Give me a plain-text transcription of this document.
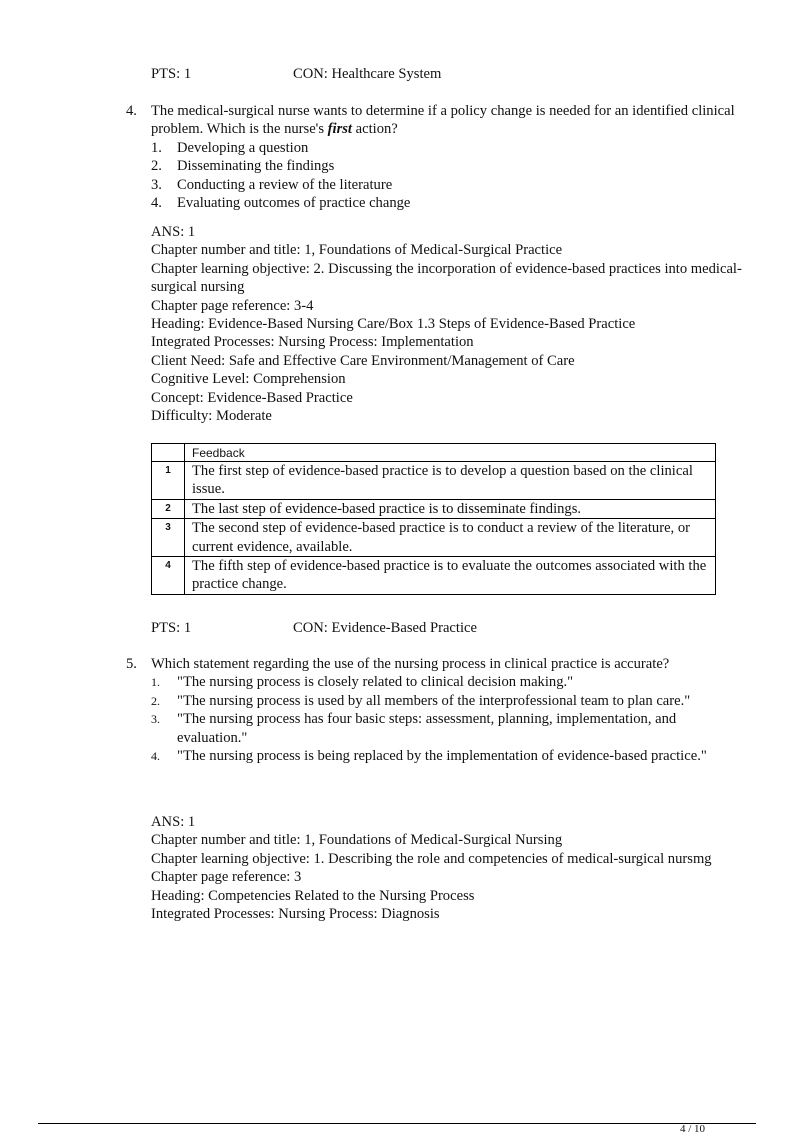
PTS: 1	CON: Healthcare System
4. The medical-surgical nurse wants to determine if a policy change is needed for an identified clinical problem. Which is the nurse's first action?
1. Developing a question
2. Disseminating the findings
3. Conducting a review of the literature
4. Evaluating outcomes of practice change
ANS: 1
Chapter number and title: 1, Foundations of Medical-Surgical Practice
Chapter learning objective: 2. Discussing the incorporation of evidence-based practices into medical-surgical nursing
Chapter page reference: 3-4
Heading: Evidence-Based Nursing Care/Box 1.3 Steps of Evidence-Based Practice
Integrated Processes: Nursing Process: Implementation
Client Need: Safe and Effective Care Environment/Management of Care
Cognitive Level: Comprehension
Concept: Evidence-Based Practice
Difficulty: Moderate
	Feedback
1	The first step of evidence-based practice is to develop a question based on the clinical issue.
2	The last step of evidence-based practice is to disseminate findings.
3	The second step of evidence-based practice is to conduct a review of the literature, or current evidence, available.
4	The fifth step of evidence-based practice is to evaluate the outcomes associated with the practice change.
PTS: 1	CON: Evidence-Based Practice
5. Which statement regarding the use of the nursing process in clinical practice is accurate?
1. "The nursing process is closely related to clinical decision making."
2. "The nursing process is used by all members of the interprofessional team to plan care."
3. "The nursing process has four basic steps: assessment, planning, implementation, and evaluation."
4. "The nursing process is being replaced by the implementation of evidence-based practice."
ANS: 1
Chapter number and title: 1, Foundations of Medical-Surgical Nursing
Chapter learning objective: 1. Describing the role and competencies of medical-surgical nursmg
Chapter page reference: 3
Heading: Competencies Related to the Nursing Process
Integrated Processes: Nursing Process: Diagnosis
4 / 10
